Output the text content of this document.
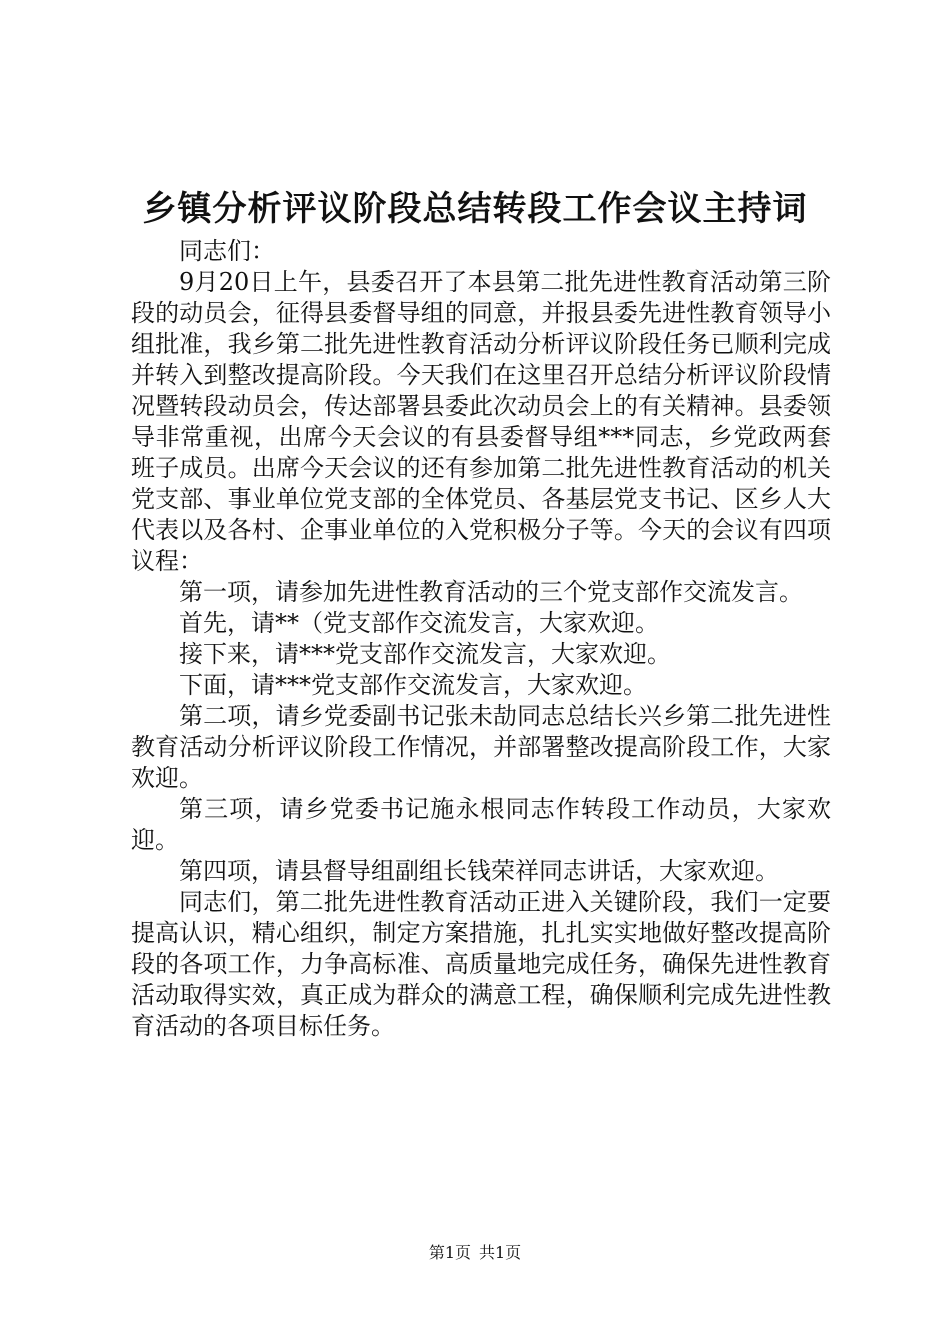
乡镇分析评议阶段总结转段工作会议主持词

同志们：

9月20日上午，县委召开了本县第二批先进性教育活动第三阶段的动员会，征得县委督导组的同意，并报县委先进性教育领导小组批准，我乡第二批先进性教育活动分析评议阶段任务已顺利完成并转入到整改提高阶段。今天我们在这里召开总结分析评议阶段情况暨转段动员会，传达部署县委此次动员会上的有关精神。县委领导非常重视，出席今天会议的有县委督导组***同志，乡党政两套班子成员。出席今天会议的还有参加第二批先进性教育活动的机关党支部、事业单位党支部的全体党员、各基层党支书记、区乡人大代表以及各村、企事业单位的入党积极分子等。今天的会议有四项议程：

第一项，请参加先进性教育活动的三个党支部作交流发言。

首先，请**（党支部作交流发言，大家欢迎。

接下来，请***党支部作交流发言，大家欢迎。

下面，请***党支部作交流发言，大家欢迎。

第二项，请乡党委副书记张未劼同志总结长兴乡第二批先进性教育活动分析评议阶段工作情况，并部署整改提高阶段工作，大家欢迎。

第三项，请乡党委书记施永根同志作转段工作动员，大家欢迎。

第四项，请县督导组副组长钱荣祥同志讲话，大家欢迎。

同志们，第二批先进性教育活动正进入关键阶段，我们一定要提高认识，精心组织，制定方案措施，扎扎实实地做好整改提高阶段的各项工作，力争高标准、高质量地完成任务，确保先进性教育活动取得实效，真正成为群众的满意工程，确保顺利完成先进性教育活动的各项目标任务。

第1页 共1页
